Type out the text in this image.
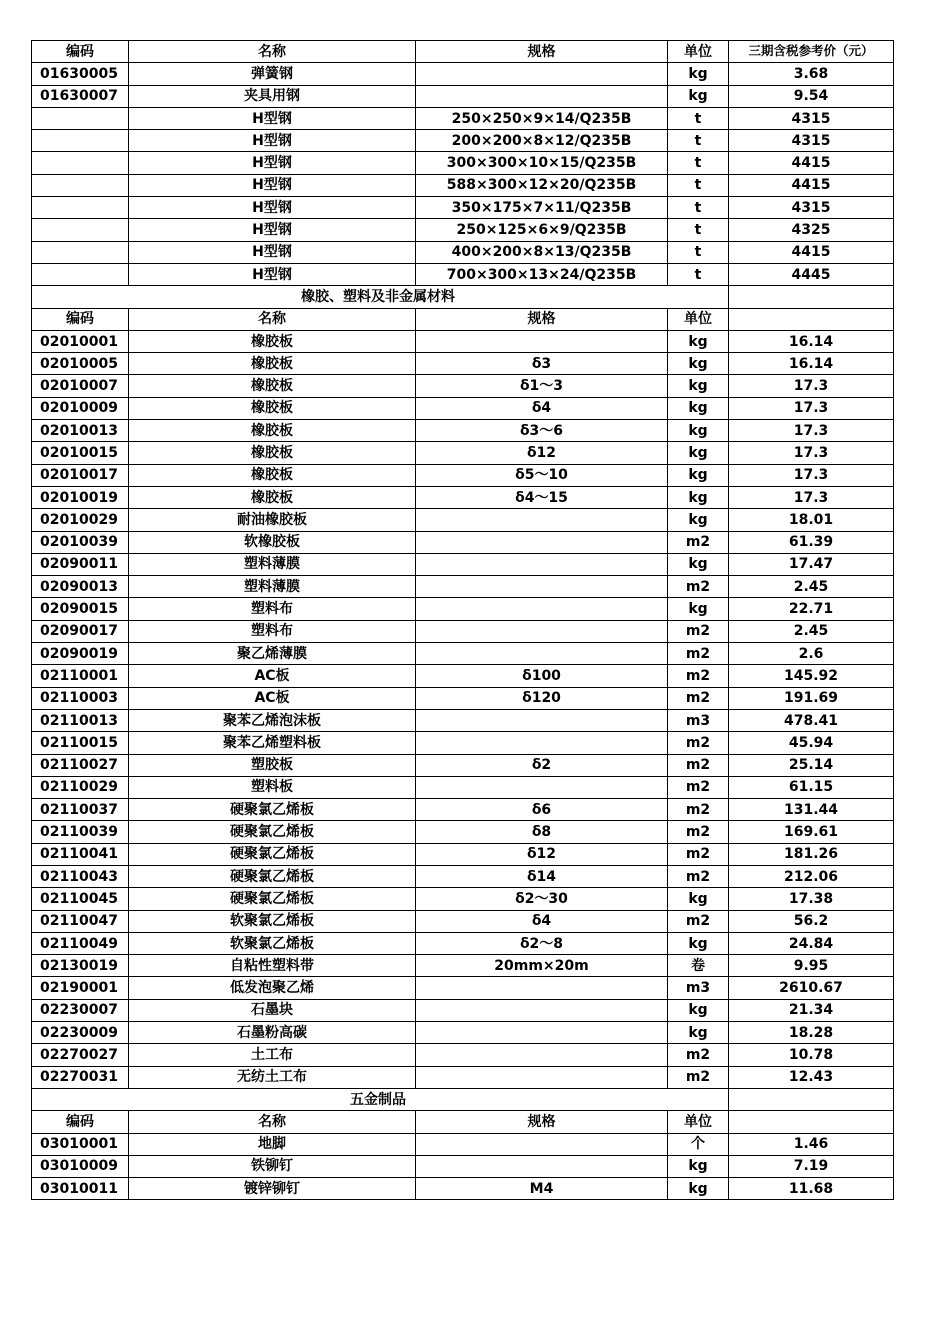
编码	名称	规格	单位	三期含税参考价（元）
01630005	弹簧钢		kg	3.68
01630007	夹具用钢		kg	9.54
	H型钢	250×250×9×14/Q235B	t	4315
	H型钢	200×200×8×12/Q235B	t	4315
	H型钢	300×300×10×15/Q235B	t	4415
	H型钢	588×300×12×20/Q235B	t	4415
	H型钢	350×175×7×11/Q235B	t	4315
	H型钢	250×125×6×9/Q235B	t	4325
	H型钢	400×200×8×13/Q235B	t	4415
	H型钢	700×300×13×24/Q235B	t	4445
橡胶、塑料及非金属材料				
编码	名称	规格	单位	
02010001	橡胶板		kg	16.14
02010005	橡胶板	δ3	kg	16.14
02010007	橡胶板	δ1～3	kg	17.3
02010009	橡胶板	δ4	kg	17.3
02010013	橡胶板	δ3～6	kg	17.3
02010015	橡胶板	δ12	kg	17.3
02010017	橡胶板	δ5～10	kg	17.3
02010019	橡胶板	δ4～15	kg	17.3
02010029	耐油橡胶板		kg	18.01
02010039	软橡胶板		m2	61.39
02090011	塑料薄膜		kg	17.47
02090013	塑料薄膜		m2	2.45
02090015	塑料布		kg	22.71
02090017	塑料布		m2	2.45
02090019	聚乙烯薄膜		m2	2.6
02110001	AC板	δ100	m2	145.92
02110003	AC板	δ120	m2	191.69
02110013	聚苯乙烯泡沫板		m3	478.41
02110015	聚苯乙烯塑料板		m2	45.94
02110027	塑胶板	δ2	m2	25.14
02110029	塑料板		m2	61.15
02110037	硬聚氯乙烯板	δ6	m2	131.44
02110039	硬聚氯乙烯板	δ8	m2	169.61
02110041	硬聚氯乙烯板	δ12	m2	181.26
02110043	硬聚氯乙烯板	δ14	m2	212.06
02110045	硬聚氯乙烯板	δ2～30	kg	17.38
02110047	软聚氯乙烯板	δ4	m2	56.2
02110049	软聚氯乙烯板	δ2～8	kg	24.84
02130019	自粘性塑料带	20mm×20m	卷	9.95
02190001	低发泡聚乙烯		m3	2610.67
02230007	石墨块		kg	21.34
02230009	石墨粉高碳		kg	18.28
02270027	土工布		m2	10.78
02270031	无纺土工布		m2	12.43
五金制品				
编码	名称	规格	单位	
03010001	地脚		个	1.46
03010009	铁铆钉		kg	7.19
03010011	镀锌铆钉	M4	kg	11.68
